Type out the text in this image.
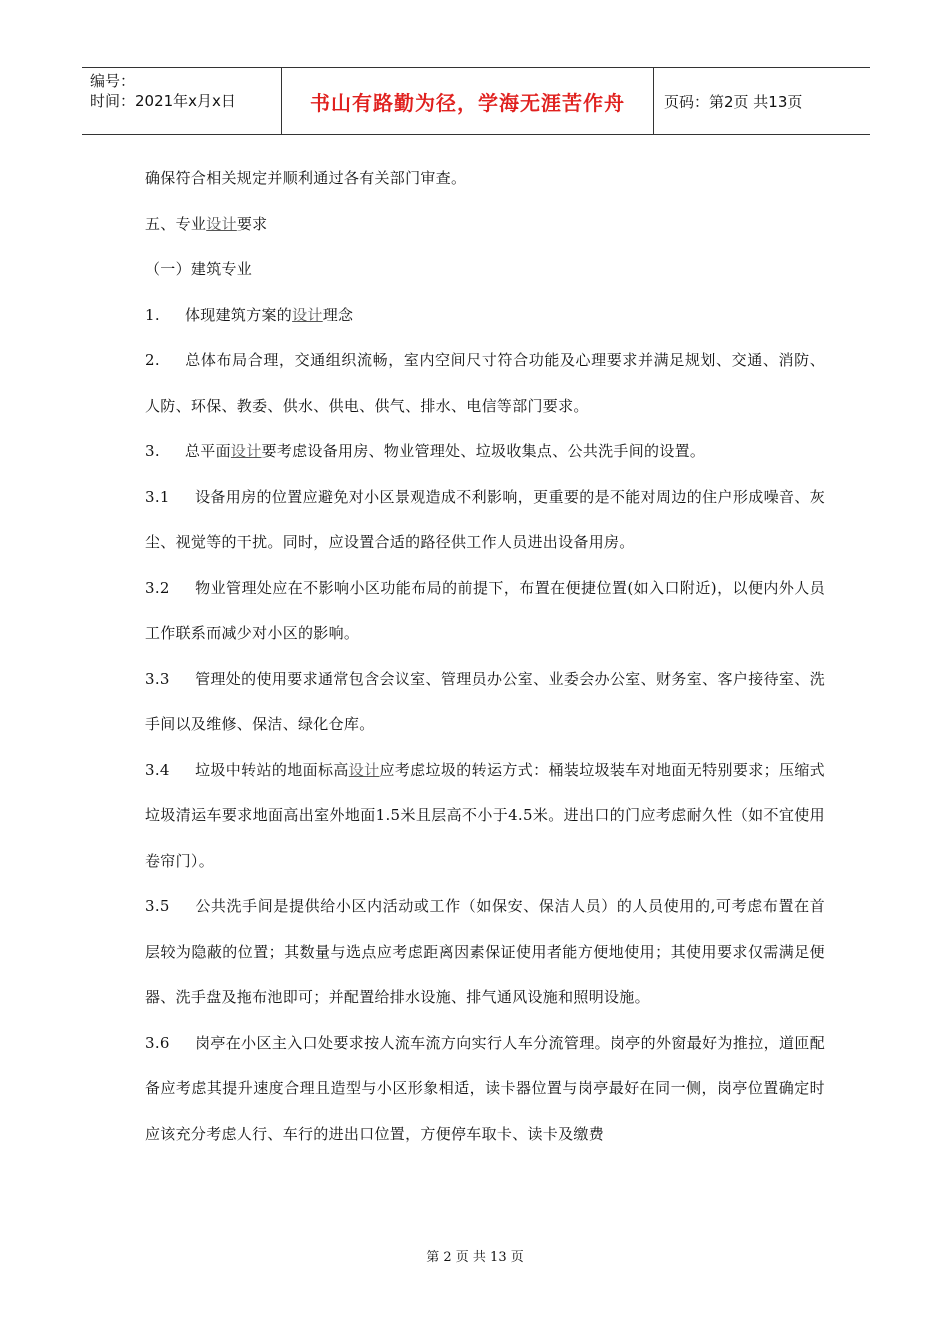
编号：
时间：2021年x月x日	书山有路勤为径，学海无涯苦作舟	页码：第2页 共13页

确保符合相关规定并顺利通过各有关部门审查。

五、专业设计要求

（一）建筑专业

1. 体现建筑方案的设计理念

2. 总体布局合理，交通组织流畅，室内空间尺寸符合功能及心理要求并满足规划、交通、消防、人防、环保、教委、供水、供电、供气、排水、电信等部门要求。

3. 总平面设计要考虑设备用房、物业管理处、垃圾收集点、公共洗手间的设置。

3.1 设备用房的位置应避免对小区景观造成不利影响，更重要的是不能对周边的住户形成噪音、灰尘、视觉等的干扰。同时，应设置合适的路径供工作人员进出设备用房。

3.2 物业管理处应在不影响小区功能布局的前提下，布置在便捷位置(如入口附近)，以便内外人员工作联系而减少对小区的影响。

3.3 管理处的使用要求通常包含会议室、管理员办公室、业委会办公室、财务室、客户接待室、洗手间以及维修、保洁、绿化仓库。

3.4 垃圾中转站的地面标高设计应考虑垃圾的转运方式：桶装垃圾装车对地面无特别要求；压缩式垃圾清运车要求地面高出室外地面1.5米且层高不小于4.5米。进出口的门应考虑耐久性（如不宜使用卷帘门）。

3.5 公共洗手间是提供给小区内活动或工作（如保安、保洁人员）的人员使用的,可考虑布置在首层较为隐蔽的位置；其数量与选点应考虑距离因素保证使用者能方便地使用；其使用要求仅需满足便器、洗手盘及拖布池即可；并配置给排水设施、排气通风设施和照明设施。

3.6 岗亭在小区主入口处要求按人流车流方向实行人车分流管理。岗亭的外窗最好为推拉，道匝配备应考虑其提升速度合理且造型与小区形象相适，读卡器位置与岗亭最好在同一侧，岗亭位置确定时应该充分考虑人行、车行的进出口位置，方便停车取卡、读卡及缴费

第 2 页 共 13 页
